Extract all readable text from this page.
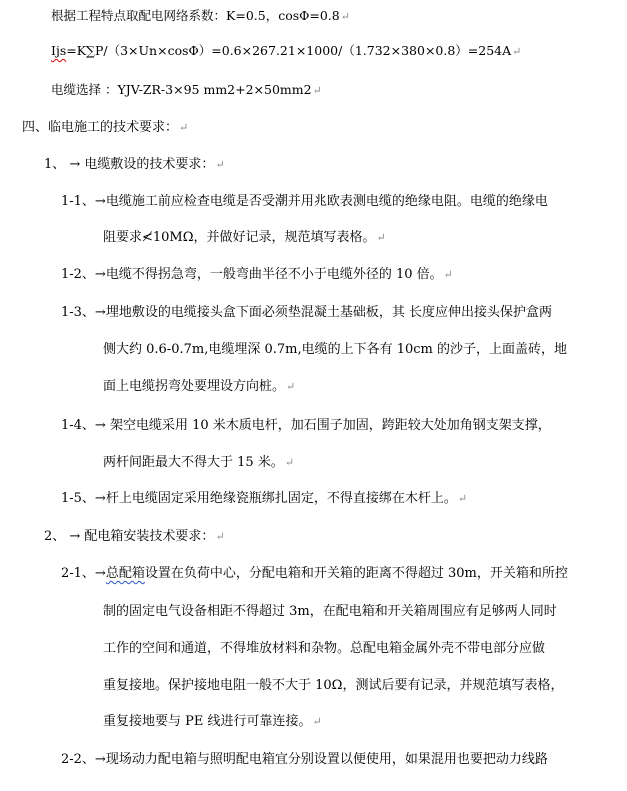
根据工程特点取配电网络系数：K=0.5，cosΦ=0.8↵
Ijs=K∑P/（3×Un×cosΦ）=0.6×267.21×1000/（1.732×380×0.8）=254A↵
电缆选择 ：YJV-ZR-3×95 mm2+2×50mm2↵
四、临电施工的技术要求：↵
1、 → 电缆敷设的技术要求：↵
1-1、→电缆施工前应检查电缆是否受潮并用兆欧表测电缆的绝缘电阻。电缆的绝缘电
阻要求≮10MΩ，并做好记录，规范填写表格。↵
1-2、→电缆不得拐急弯，一般弯曲半径不小于电缆外径的 10 倍。↵
1-3、→埋地敷设的电缆接头盒下面必须垫混凝土基础板，其 长度应伸出接头保护盒两
侧大约 0.6-0.7m,电缆埋深 0.7m,电缆的上下各有 10cm 的沙子，上面盖砖，地
面上电缆拐弯处要埋设方向桩。↵
1-4、→ 架空电缆采用 10 米木质电杆，加石围子加固，跨距较大处加角钢支架支撑，
两杆间距最大不得大于 15 米。↵
1-5、→杆上电缆固定采用绝缘瓷瓶绑扎固定，不得直接绑在木杆上。↵
2、 → 配电箱安装技术要求：↵
2-1、→总配箱设置在负荷中心，分配电箱和开关箱的距离不得超过 30m，开关箱和所控
制的固定电气设备相距不得超过 3m，在配电箱和开关箱周围应有足够两人同时
工作的空间和通道，不得堆放材料和杂物。总配电箱金属外壳不带电部分应做
重复接地。保护接地电阻一般不大于 10Ω，测试后要有记录，并规范填写表格，
重复接地要与 PE 线进行可靠连接。↵
2-2、→现场动力配电箱与照明配电箱宜分别设置以便使用，如果混用也要把动力线路
